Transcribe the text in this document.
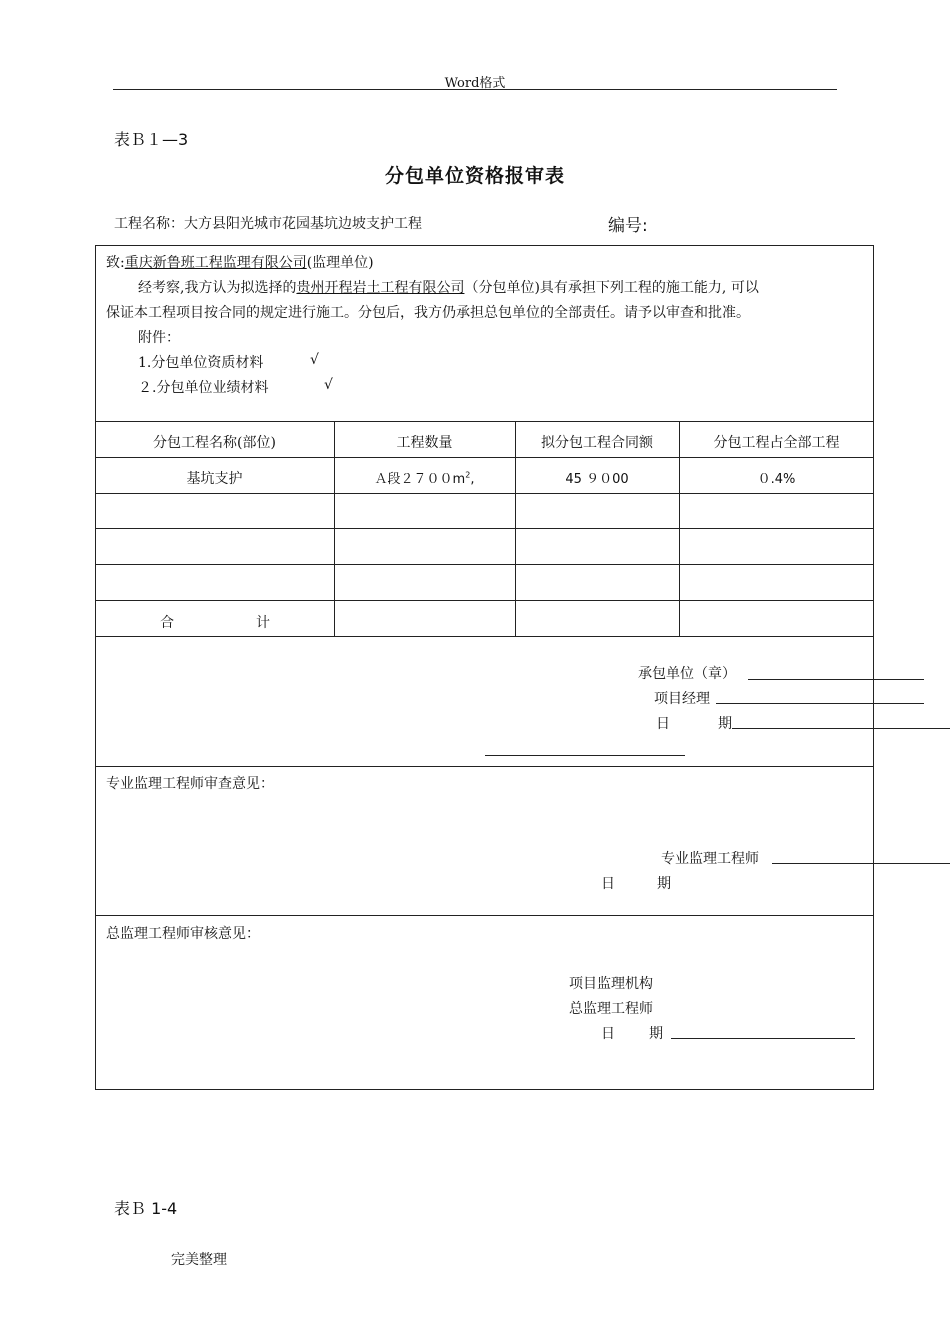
Word格式
表Ｂ１—3
分包单位资格报审表
工程名称：大方县阳光城市花园基坑边坡支护工程	编号:
致:重庆新鲁班工程监理有限公司(监理单位)
经考察,我方认为拟选择的贵州开程岩土工程有限公司（分包单位)具有承担下列工程的施工能力, 可以
保证本工程项目按合同的规定进行施工。分包后，我方仍承担总包单位的全部责任。请予以审查和批准。
附件：
1.分包单位资质材料	√
２.分包单位业绩材料	√
分包工程名称(部位)	工程数量	拟分包工程合同额	分包工程占全部工程
基坑支护	Ａ段$2700m^2$,	45 ９０00	０.4%
合	计
承包单位（章）
项目经理
日	期
专业监理工程师审查意见：
专业监理工程师
日	期
总监理工程师审核意见：
项目监理机构
总监理工程师
日 期
表Ｂ 1-4
完美整理
